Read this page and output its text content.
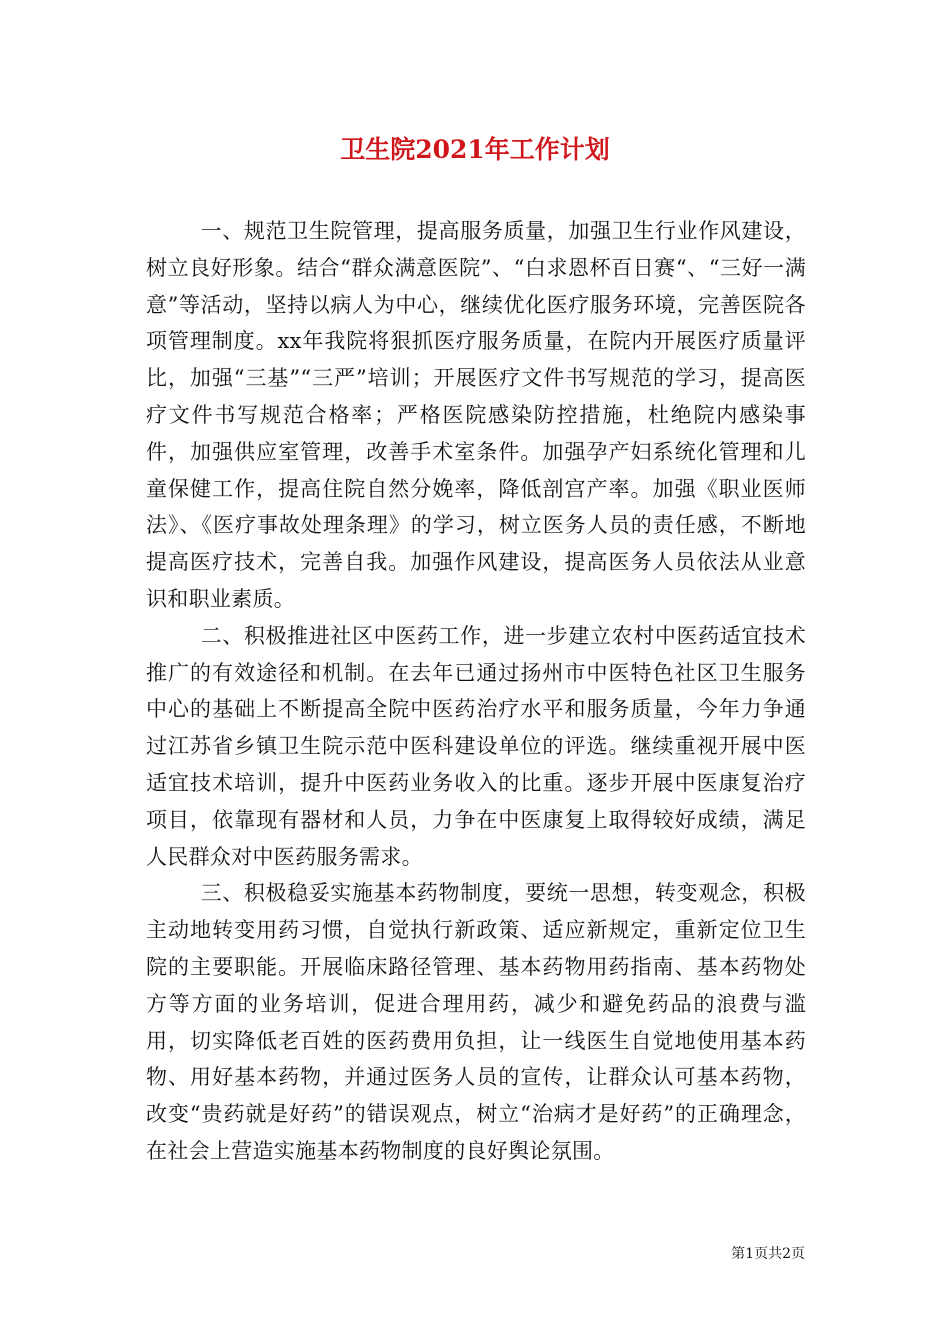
卫生院2021年工作计划

一、规范卫生院管理，提高服务质量，加强卫生行业作风建设，树立良好形象。结合“群众满意医院”、“白求恩杯百日赛“、“三好一满意”等活动，坚持以病人为中心，继续优化医疗服务环境，完善医院各项管理制度。xx年我院将狠抓医疗服务质量，在院内开展医疗质量评比，加强“三基”“三严”培训；开展医疗文件书写规范的学习，提高医疗文件书写规范合格率；严格医院感染防控措施，杜绝院内感染事件，加强供应室管理，改善手术室条件。加强孕产妇系统化管理和儿童保健工作，提高住院自然分娩率，降低剖宫产率。加强《职业医师法》、《医疗事故处理条理》的学习，树立医务人员的责任感，不断地提高医疗技术，完善自我。加强作风建设，提高医务人员依法从业意识和职业素质。

二、积极推进社区中医药工作，进一步建立农村中医药适宜技术推广的有效途径和机制。在去年已通过扬州市中医特色社区卫生服务中心的基础上不断提高全院中医药治疗水平和服务质量，今年力争通过江苏省乡镇卫生院示范中医科建设单位的评选。继续重视开展中医适宜技术培训，提升中医药业务收入的比重。逐步开展中医康复治疗项目，依靠现有器材和人员，力争在中医康复上取得较好成绩，满足人民群众对中医药服务需求。

三、积极稳妥实施基本药物制度，要统一思想，转变观念，积极主动地转变用药习惯，自觉执行新政策、适应新规定，重新定位卫生院的主要职能。开展临床路径管理、基本药物用药指南、基本药物处方等方面的业务培训，促进合理用药，减少和避免药品的浪费与滥用，切实降低老百姓的医药费用负担，让一线医生自觉地使用基本药物、用好基本药物，并通过医务人员的宣传，让群众认可基本药物，改变“贵药就是好药”的错误观点，树立“治病才是好药”的正确理念，在社会上营造实施基本药物制度的良好舆论氛围。

第1页共2页
